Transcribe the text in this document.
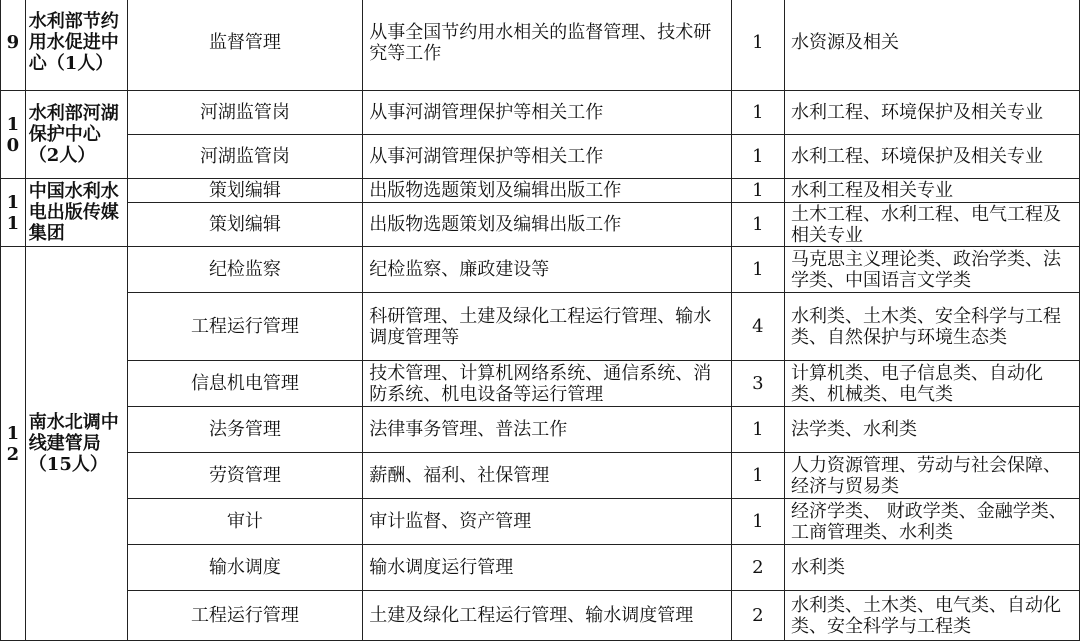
9	水利部节约用水促进中心（1人）	监督管理	从事全国节约用水相关的监督管理、技术研究等工作	1	水资源及相关
10	水利部河湖保护中心（2人）	河湖监管岗	从事河湖管理保护等相关工作	1	水利工程、环境保护及相关专业
		河湖监管岗	从事河湖管理保护等相关工作	1	水利工程、环境保护及相关专业
11	中国水利水电出版传媒集团	策划编辑	出版物选题策划及编辑出版工作	1	水利工程及相关专业
		策划编辑	出版物选题策划及编辑出版工作	1	土木工程、水利工程、电气工程及相关专业
12	南水北调中线建管局（15人）	纪检监察	纪检监察、廉政建设等	1	马克思主义理论类、政治学类、法学类、中国语言文学类
		工程运行管理	科研管理、土建及绿化工程运行管理、输水调度管理等	4	水利类、土木类、安全科学与工程类、自然保护与环境生态类
		信息机电管理	技术管理、计算机网络系统、通信系统、消防系统、机电设备等运行管理	3	计算机类、电子信息类、自动化类、机械类、电气类
		法务管理	法律事务管理、普法工作	1	法学类、水利类
		劳资管理	薪酬、福利、社保管理	1	人力资源管理、劳动与社会保障、经济与贸易类
		审计	审计监督、资产管理	1	经济学类、 财政学类、金融学类、工商管理类、水利类
		输水调度	输水调度运行管理	2	水利类
		工程运行管理	土建及绿化工程运行管理、输水调度管理	2	水利类、土木类、电气类、自动化类、安全科学与工程类
